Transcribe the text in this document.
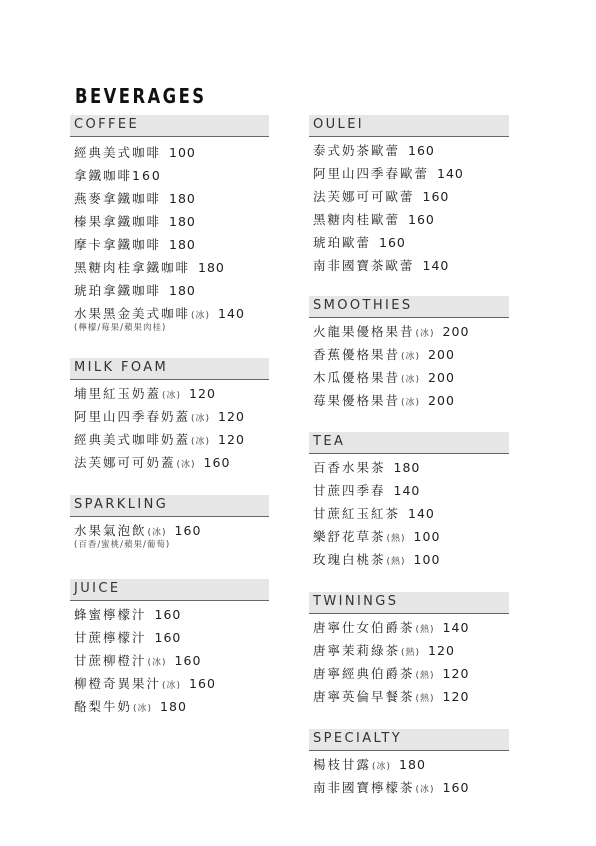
BEVERAGES
COFFEE
經典美式咖啡 100
拿鐵咖啡160
燕麥拿鐵咖啡 180
榛果拿鐵咖啡 180
摩卡拿鐵咖啡 180
黑糖肉桂拿鐵咖啡 180
琥珀拿鐵咖啡 180
水果黑金美式咖啡(冰) 140
(檸檬/莓果/蘋果肉桂)
MILK FOAM
埔里紅玉奶蓋(冰) 120
阿里山四季春奶蓋(冰) 120
經典美式咖啡奶蓋(冰) 120
法芙娜可可奶蓋(冰) 160
SPARKLING
水果氣泡飲(冰) 160
(百香/蜜桃/蘋果/葡萄)
JUICE
蜂蜜檸檬汁 160
甘蔗檸檬汁 160
甘蔗柳橙汁(冰) 160
柳橙奇異果汁(冰) 160
酪梨牛奶(冰) 180
OULEI
泰式奶茶歐蕾 160
阿里山四季春歐蕾 140
法芙娜可可歐蕾 160
黑糖肉桂歐蕾 160
琥珀歐蕾 160
南非國寶茶歐蕾 140
SMOOTHIES
火龍果優格果昔(冰) 200
香蕉優格果昔(冰) 200
木瓜優格果昔(冰) 200
莓果優格果昔(冰) 200
TEA
百香水果茶 180
甘蔗四季春 140
甘蔗紅玉紅茶 140
樂舒花草茶(熱) 100
玫瑰白桃茶(熱) 100
TWININGS
唐寧仕女伯爵茶(熱) 140
唐寧茉莉綠茶(熱) 120
唐寧經典伯爵茶(熱) 120
唐寧英倫早餐茶(熱) 120
SPECIALTY
楊枝甘露(冰) 180
南非國寶檸檬茶(冰) 160
